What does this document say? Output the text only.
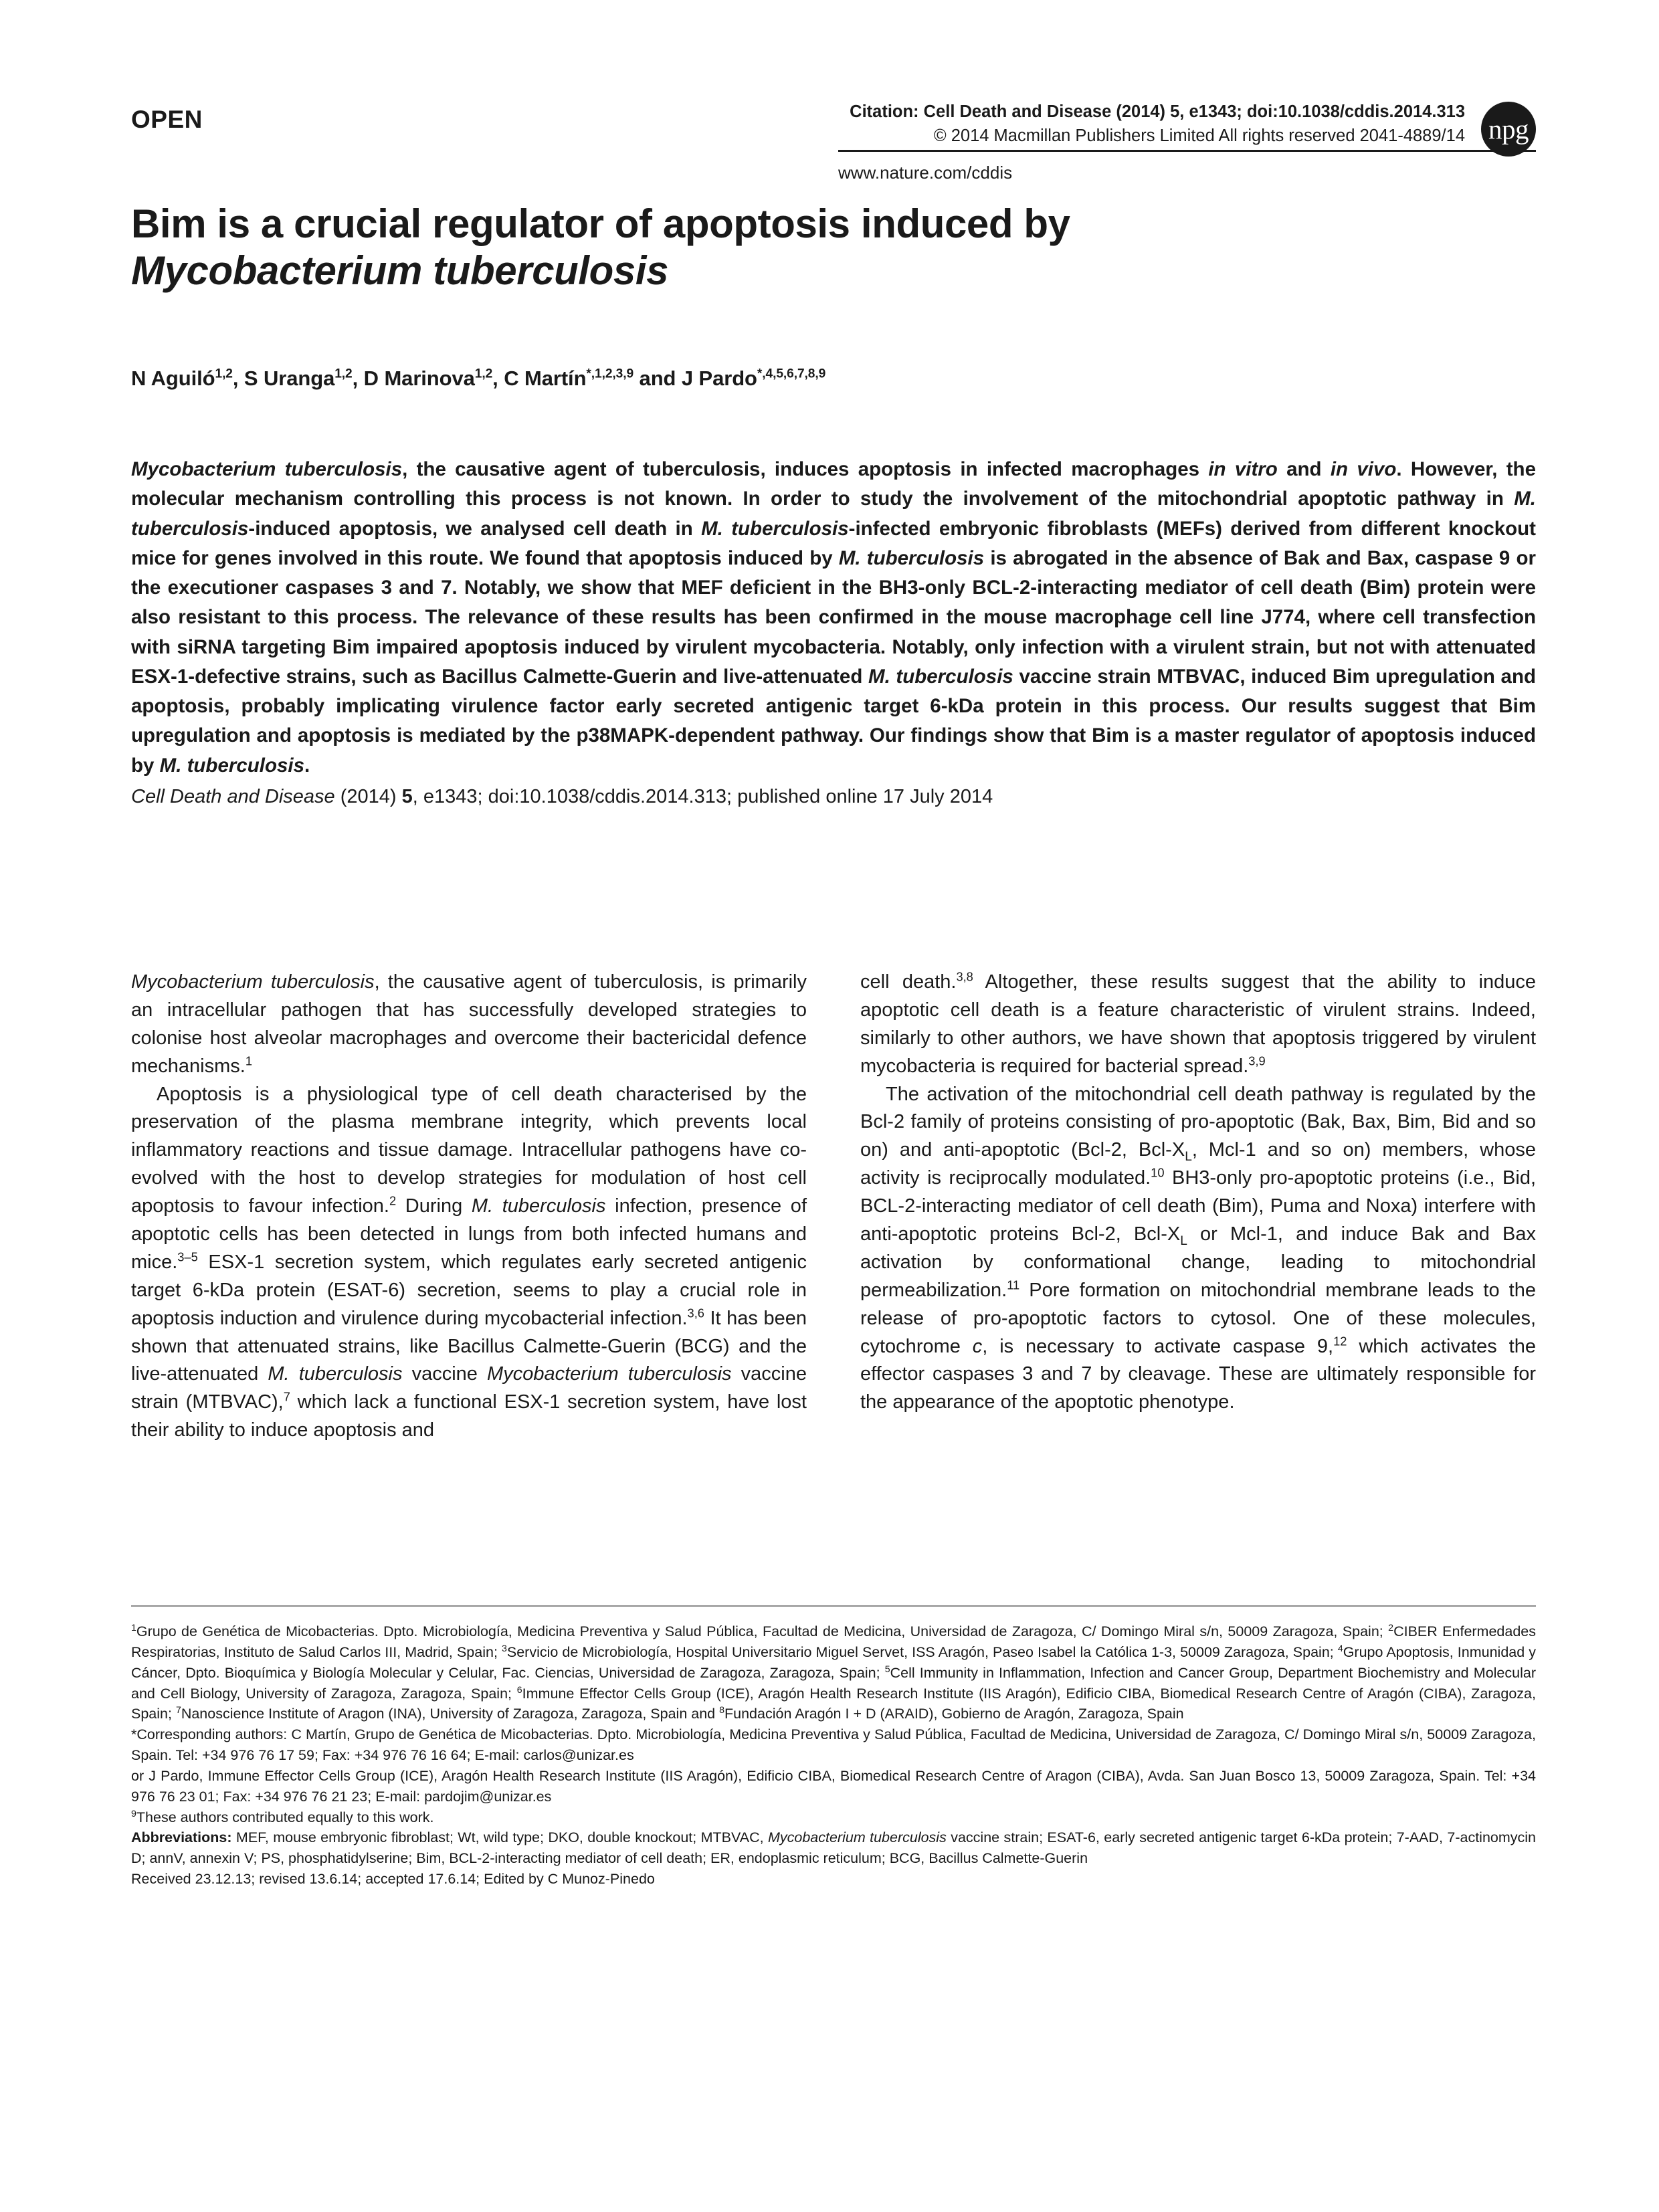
OPEN	Citation: Cell Death and Disease (2014) 5, e1343; doi:10.1038/cddis.2014.313
© 2014 Macmillan Publishers Limited All rights reserved 2041-4889/14 npg
www.nature.com/cddis
Bim is a crucial regulator of apoptosis induced by
Mycobacterium tuberculosis
N Aguiló$^{1,2}$, S Uranga$^{1,2}$, D Marinova$^{1,2}$, C Martín$^{*,1,2,3,9}$ and J Pardo$^{*,4,5,6,7,8,9}$
Mycobacterium tuberculosis, the causative agent of tuberculosis, induces apoptosis in infected macrophages in vitro and in vivo. However, the molecular mechanism controlling this process is not known. In order to study the involvement of the mitochondrial apoptotic pathway in M. tuberculosis-induced apoptosis, we analysed cell death in M. tuberculosis-infected embryonic fibroblasts (MEFs) derived from different knockout mice for genes involved in this route. We found that apoptosis induced by M. tuberculosis is abrogated in the absence of Bak and Bax, caspase 9 or the executioner caspases 3 and 7. Notably, we show that MEF deficient in the BH3-only BCL-2-interacting mediator of cell death (Bim) protein were also resistant to this process. The relevance of these results has been confirmed in the mouse macrophage cell line J774, where cell transfection with siRNA targeting Bim impaired apoptosis induced by virulent mycobacteria. Notably, only infection with a virulent strain, but not with attenuated ESX-1-defective strains, such as Bacillus Calmette-Guerin and live-attenuated M. tuberculosis vaccine strain MTBVAC, induced Bim upregulation and apoptosis, probably implicating virulence factor early secreted antigenic target 6-kDa protein in this process. Our results suggest that Bim upregulation and apoptosis is mediated by the p38MAPK-dependent pathway. Our findings show that Bim is a master regulator of apoptosis induced by M. tuberculosis.
Cell Death and Disease (2014) 5, e1343; doi:10.1038/cddis.2014.313; published online 17 July 2014

Mycobacterium tuberculosis, the causative agent of tuberculosis, is primarily an intracellular pathogen that has successfully developed strategies to colonise host alveolar macrophages and overcome their bactericidal defence mechanisms.$^1$

Apoptosis is a physiological type of cell death characterised by the preservation of the plasma membrane integrity, which prevents local inflammatory reactions and tissue damage. Intracellular pathogens have co-evolved with the host to develop strategies for modulation of host cell apoptosis to favour infection.$^2$ During M. tuberculosis infection, presence of apoptotic cells has been detected in lungs from both infected humans and mice.$^{3-5}$ ESX-1 secretion system, which regulates early secreted antigenic target 6-kDa protein (ESAT-6) secretion, seems to play a crucial role in apoptosis induction and virulence during mycobacterial infection.$^{3,6}$ It has been shown that attenuated strains, like Bacillus Calmette-Guerin (BCG) and the live-attenuated M. tuberculosis vaccine Mycobacterium tuberculosis vaccine strain (MTBVAC),$^7$ which lack a functional ESX-1 secretion system, have lost their ability to induce apoptosis and

cell death.$^{3,8}$ Altogether, these results suggest that the ability to induce apoptotic cell death is a feature characteristic of virulent strains. Indeed, similarly to other authors, we have shown that apoptosis triggered by virulent mycobacteria is required for bacterial spread.$^{3,9}$

The activation of the mitochondrial cell death pathway is regulated by the Bcl-2 family of proteins consisting of pro-apoptotic (Bak, Bax, Bim, Bid and so on) and anti-apoptotic (Bcl-2, Bcl-$X_L$, Mcl-1 and so on) members, whose activity is reciprocally modulated.$^{10}$ BH3-only pro-apoptotic proteins (i.e., Bid, BCL-2-interacting mediator of cell death (Bim), Puma and Noxa) interfere with anti-apoptotic proteins Bcl-2, Bcl-$X_L$ or Mcl-1, and induce Bak and Bax activation by conformational change, leading to mitochondrial permeabilization.$^{11}$ Pore formation on mitochondrial membrane leads to the release of pro-apoptotic factors to cytosol. One of these molecules, cytochrome c, is necessary to activate caspase 9,12 which activates the effector caspases 3 and 7 by cleavage. These are ultimately responsible for the appearance of the apoptotic phenotype.

$^1$Grupo de Genética de Micobacterias. Dpto. Microbiología, Medicina Preventiva y Salud Pública, Facultad de Medicina, Universidad de Zaragoza, C/ Domingo Miral s/n, 50009 Zaragoza, Spain; $^2$CIBER Enfermedades Respiratorias, Instituto de Salud Carlos III, Madrid, Spain; $^3$Servicio de Microbiología, Hospital Universitario Miguel Servet, ISS Aragón, Paseo Isabel la Católica 1-3, 50009 Zaragoza, Spain; $^4$Grupo Apoptosis, Inmunidad y Cáncer, Dpto. Bioquímica y Biología Molecular y Celular, Fac. Ciencias, Universidad de Zaragoza, Zaragoza, Spain; $^5$Cell Immunity in Inflammation, Infection and Cancer Group, Department Biochemistry and Molecular and Cell Biology, University of Zaragoza, Zaragoza, Spain; $^6$Immune Effector Cells Group (ICE), Aragón Health Research Institute (IIS Aragón), Edificio CIBA, Biomedical Research Centre of Aragón (CIBA), Zaragoza, Spain; $^7$Nanoscience Institute of Aragon (INA), University of Zaragoza, Zaragoza, Spain and $^8$Fundación Aragón I + D (ARAID), Gobierno de Aragón, Zaragoza, Spain

*Corresponding authors: C Martín, Grupo de Genética de Micobacterias. Dpto. Microbiología, Medicina Preventiva y Salud Pública, Facultad de Medicina, Universidad de Zaragoza, C/ Domingo Miral s/n, 50009 Zaragoza, Spain. Tel: +34 976 76 17 59; Fax: +34 976 76 16 64; E-mail: carlos@unizar.es

or J Pardo, Immune Effector Cells Group (ICE), Aragón Health Research Institute (IIS Aragón), Edificio CIBA, Biomedical Research Centre of Aragon (CIBA), Avda. San Juan Bosco 13, 50009 Zaragoza, Spain. Tel: +34 976 76 23 01; Fax: +34 976 76 21 23; E-mail: pardojim@unizar.es

$^9$These authors contributed equally to this work.

Abbreviations: MEF, mouse embryonic fibroblast; Wt, wild type; DKO, double knockout; MTBVAC, Mycobacterium tuberculosis vaccine strain; ESAT-6, early secreted antigenic target 6-kDa protein; 7-AAD, 7-actinomycin D; annV, annexin V; PS, phosphatidylserine; Bim, BCL-2-interacting mediator of cell death; ER, endoplasmic reticulum; BCG, Bacillus Calmette-Guerin

Received 23.12.13; revised 13.6.14; accepted 17.6.14; Edited by C Munoz-Pinedo
